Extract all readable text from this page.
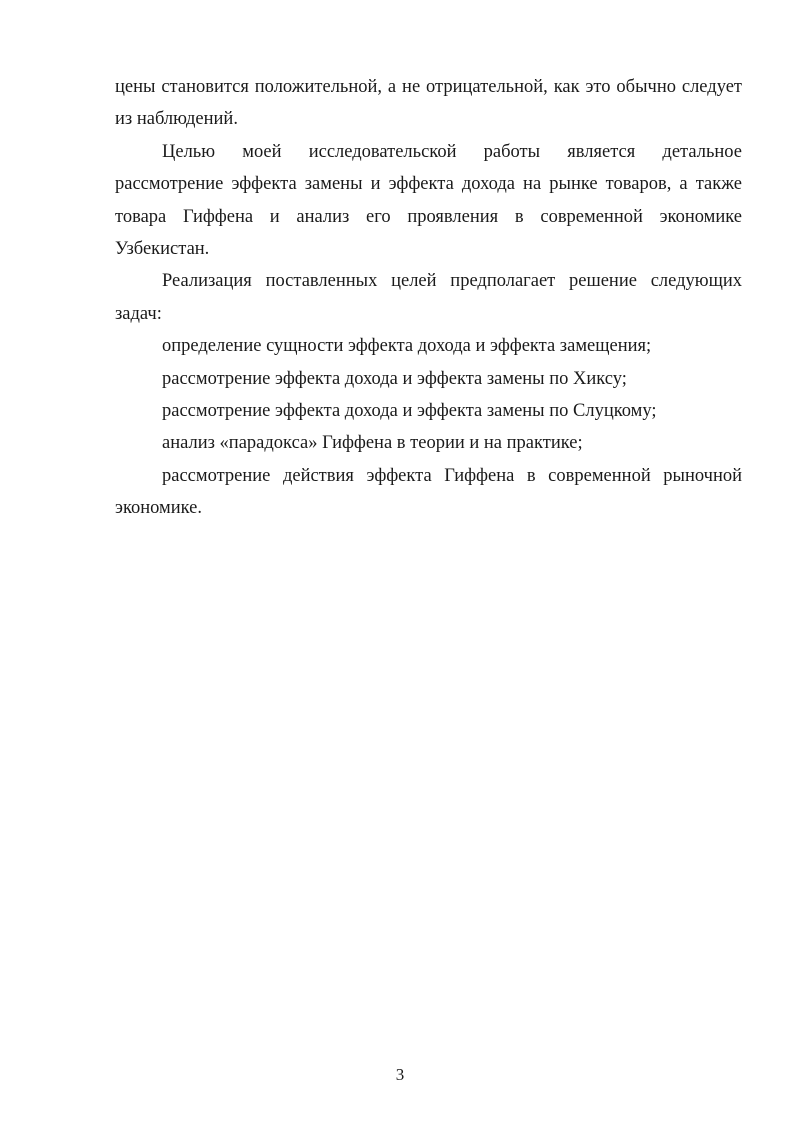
цены становится положительной, а не отрицательной, как это обычно следует из наблюдений.

Целью моей исследовательской работы является детальное рассмотрение эффекта замены и эффекта дохода на рынке товаров, а также товара Гиффена и анализ его проявления в современной экономике Узбекистан.

Реализация поставленных целей предполагает решение следующих задач:

определение сущности эффекта дохода и эффекта замещения;

рассмотрение эффекта дохода и эффекта замены по Хиксу;

рассмотрение эффекта дохода и эффекта замены по Слуцкому;

анализ «парадокса» Гиффена в теории и на практике;

рассмотрение действия эффекта Гиффена в современной рыночной экономике.

3
